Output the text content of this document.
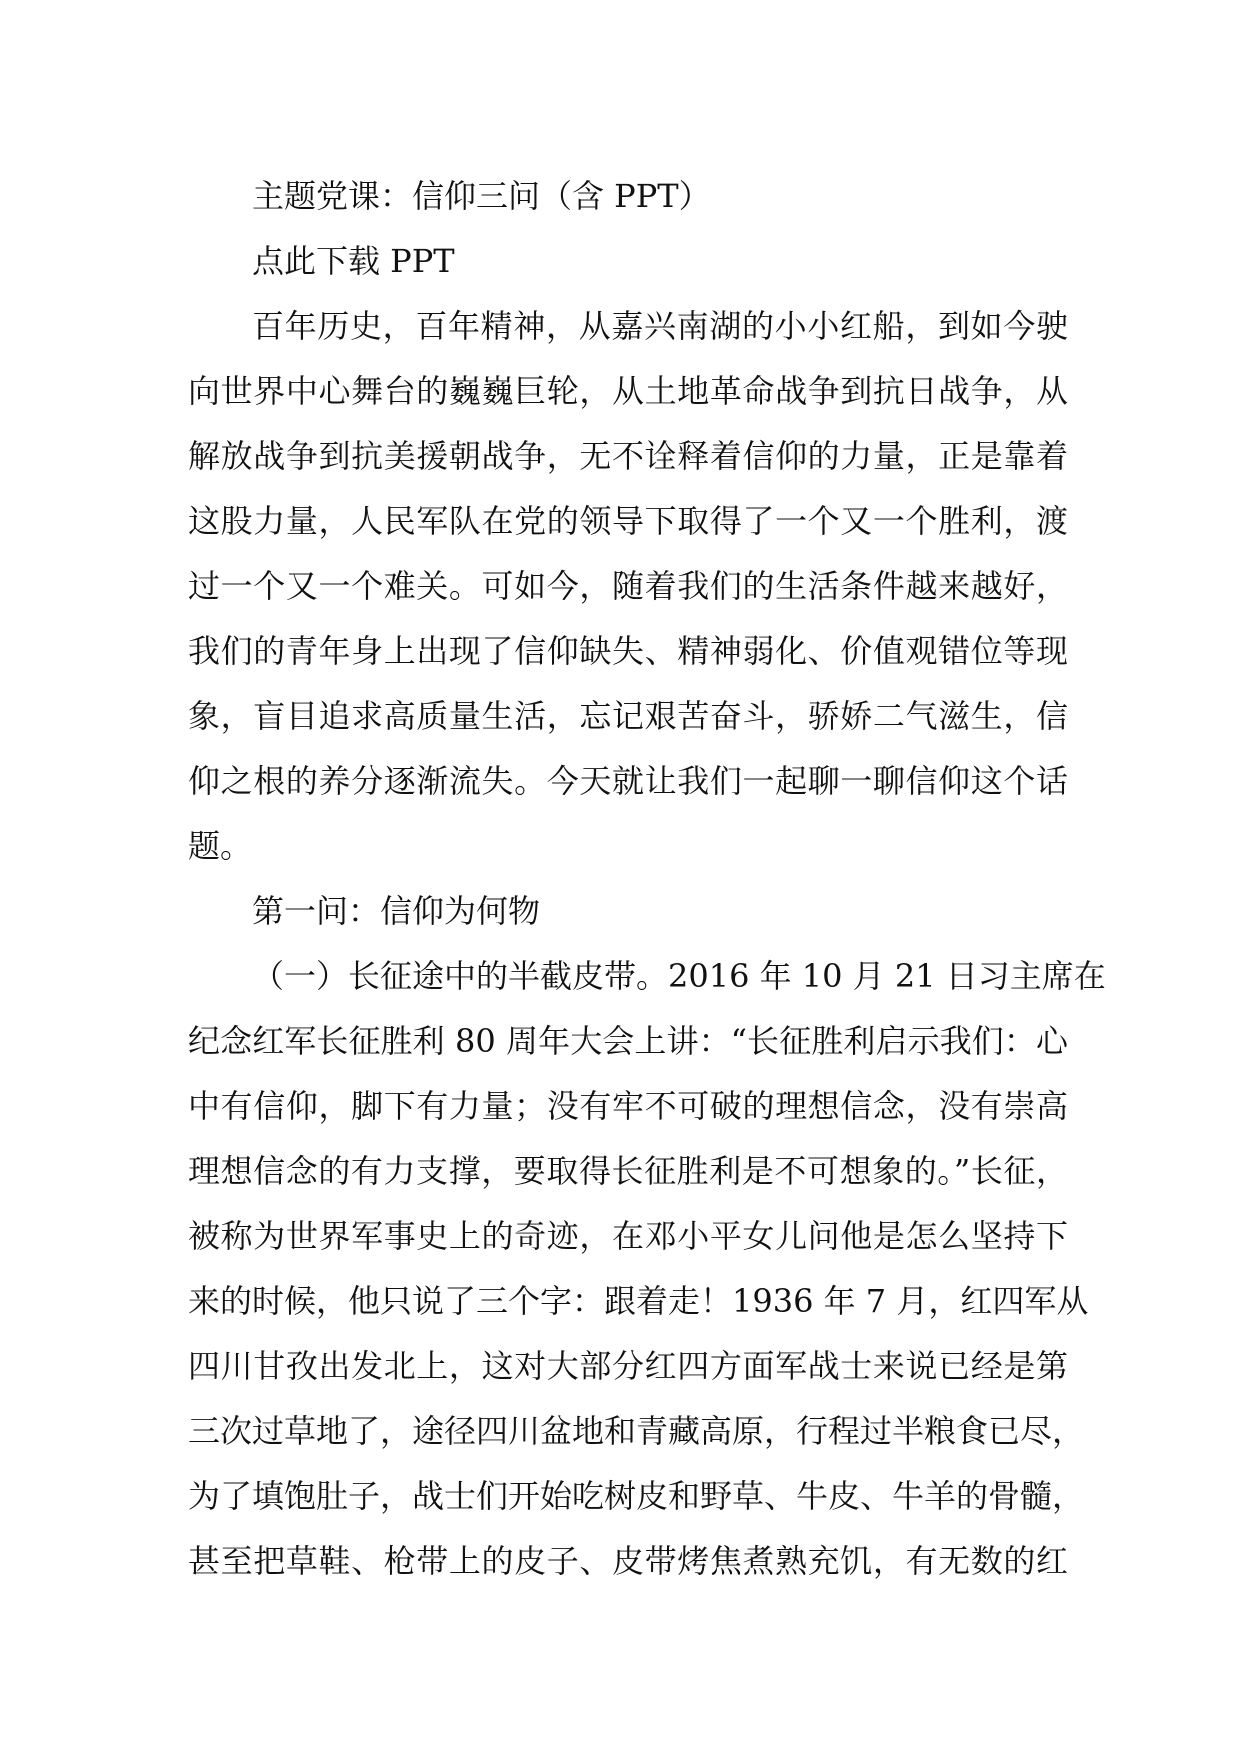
主题党课：信仰三问（含 PPT）
点此下载 PPT
百年历史，百年精神，从嘉兴南湖的小小红船，到如今驶
向世界中心舞台的巍巍巨轮，从土地革命战争到抗日战争，从
解放战争到抗美援朝战争，无不诠释着信仰的力量，正是靠着
这股力量，人民军队在党的领导下取得了一个又一个胜利，渡
过一个又一个难关。可如今，随着我们的生活条件越来越好，
我们的青年身上出现了信仰缺失、精神弱化、价值观错位等现
象，盲目追求高质量生活，忘记艰苦奋斗，骄娇二气滋生，信
仰之根的养分逐渐流失。今天就让我们一起聊一聊信仰这个话
题。
第一问：信仰为何物
（一）长征途中的半截皮带。2016 年 10 月 21 日习主席在
纪念红军长征胜利 80 周年大会上讲：“长征胜利启示我们：心
中有信仰，脚下有力量；没有牢不可破的理想信念，没有崇高
理想信念的有力支撑，要取得长征胜利是不可想象的。”长征，
被称为世界军事史上的奇迹，在邓小平女儿问他是怎么坚持下
来的时候，他只说了三个字：跟着走！1936 年 7 月，红四军从
四川甘孜出发北上，这对大部分红四方面军战士来说已经是第
三次过草地了，途径四川盆地和青藏高原，行程过半粮食已尽，
为了填饱肚子，战士们开始吃树皮和野草、牛皮、牛羊的骨髓，
甚至把草鞋、枪带上的皮子、皮带烤焦煮熟充饥，有无数的红
